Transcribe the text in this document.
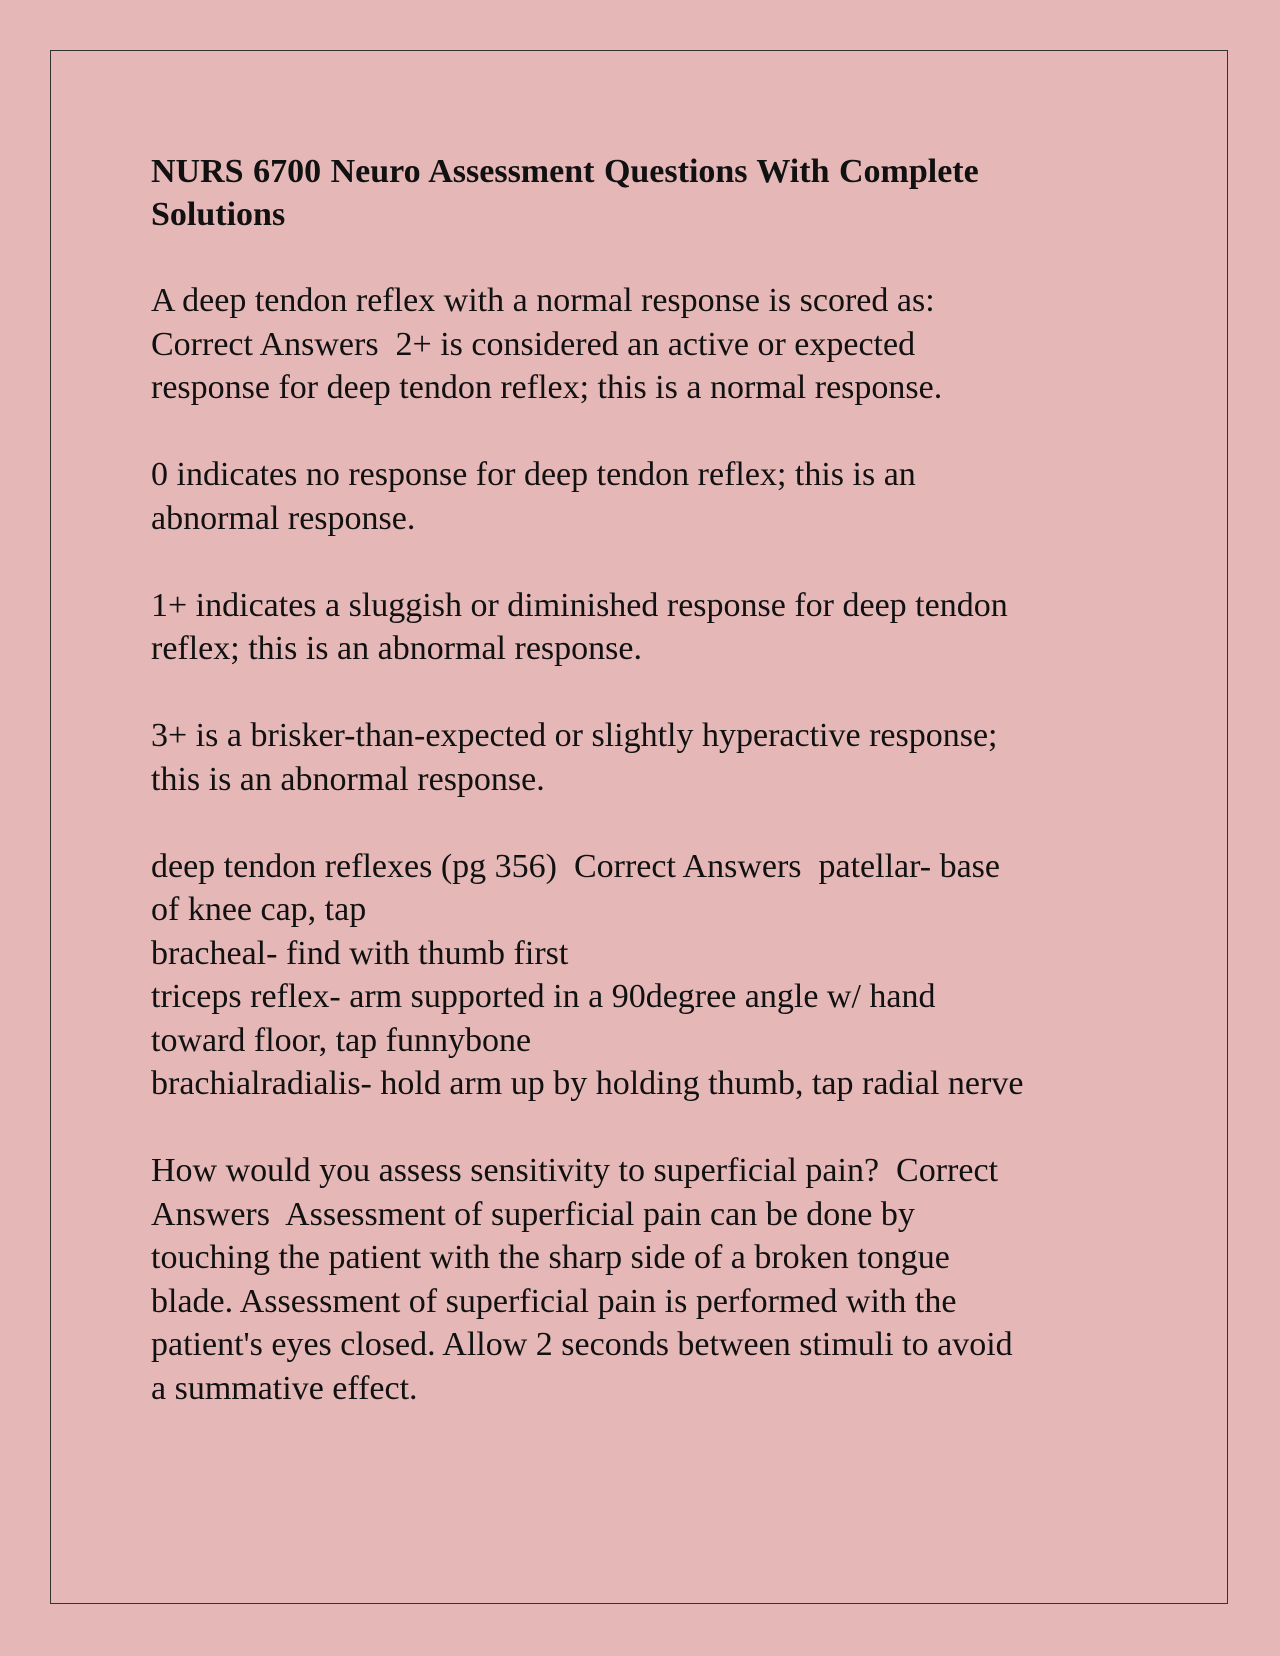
NURS 6700 Neuro Assessment Questions With Complete
Solutions

A deep tendon reflex with a normal response is scored as:
Correct Answers  2+ is considered an active or expected
response for deep tendon reflex; this is a normal response.

0 indicates no response for deep tendon reflex; this is an
abnormal response.

1+ indicates a sluggish or diminished response for deep tendon
reflex; this is an abnormal response.

3+ is a brisker-than-expected or slightly hyperactive response;
this is an abnormal response.

deep tendon reflexes (pg 356)  Correct Answers  patellar- base
of knee cap, tap
bracheal- find with thumb first
triceps reflex- arm supported in a 90degree angle w/ hand
toward floor, tap funnybone
brachialradialis- hold arm up by holding thumb, tap radial nerve

How would you assess sensitivity to superficial pain?  Correct
Answers  Assessment of superficial pain can be done by
touching the patient with the sharp side of a broken tongue
blade. Assessment of superficial pain is performed with the
patient's eyes closed. Allow 2 seconds between stimuli to avoid
a summative effect.
